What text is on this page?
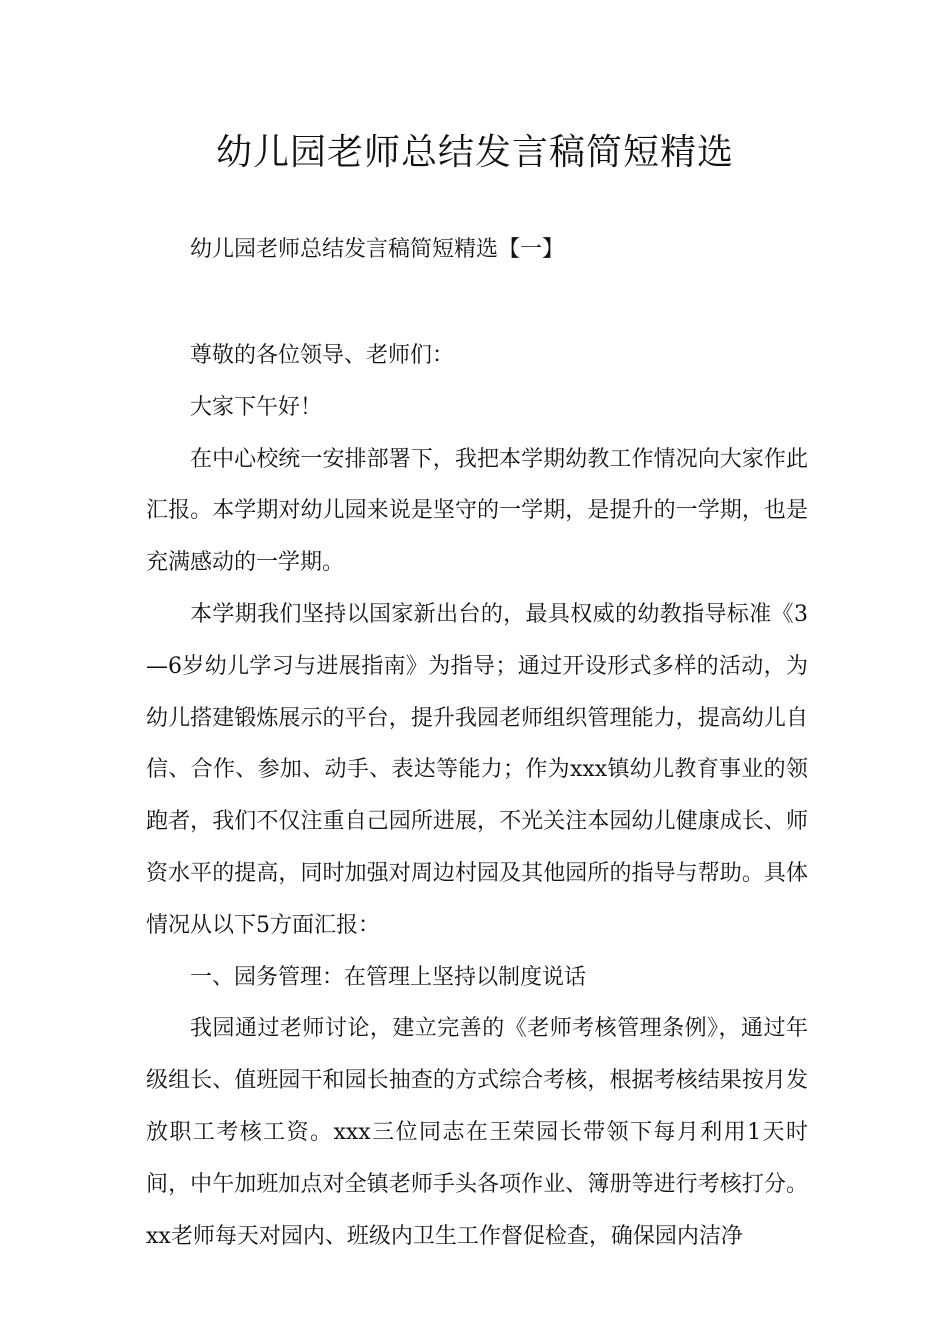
幼儿园老师总结发言稿简短精选

幼儿园老师总结发言稿简短精选【一】

尊敬的各位领导、老师们：

大家下午好！

在中心校统一安排部署下，我把本学期幼教工作情况向大家作此汇报。本学期对幼儿园来说是坚守的一学期，是提升的一学期，也是充满感动的一学期。

本学期我们坚持以国家新出台的，最具权威的幼教指导标准《3—6岁幼儿学习与进展指南》为指导；通过开设形式多样的活动，为幼儿搭建锻炼展示的平台，提升我园老师组织管理能力，提高幼儿自信、合作、参加、动手、表达等能力；作为xxx镇幼儿教育事业的领跑者，我们不仅注重自己园所进展，不光关注本园幼儿健康成长、师资水平的提高，同时加强对周边村园及其他园所的指导与帮助。具体情况从以下5方面汇报：

一、园务管理：在管理上坚持以制度说话

我园通过老师讨论，建立完善的《老师考核管理条例》，通过年级组长、值班园干和园长抽查的方式综合考核，根据考核结果按月发放职工考核工资。xxx三位同志在王荣园长带领下每月利用1天时间，中午加班加点对全镇老师手头各项作业、簿册等进行考核打分。xx老师每天对园内、班级内卫生工作督促检查，确保园内洁净
